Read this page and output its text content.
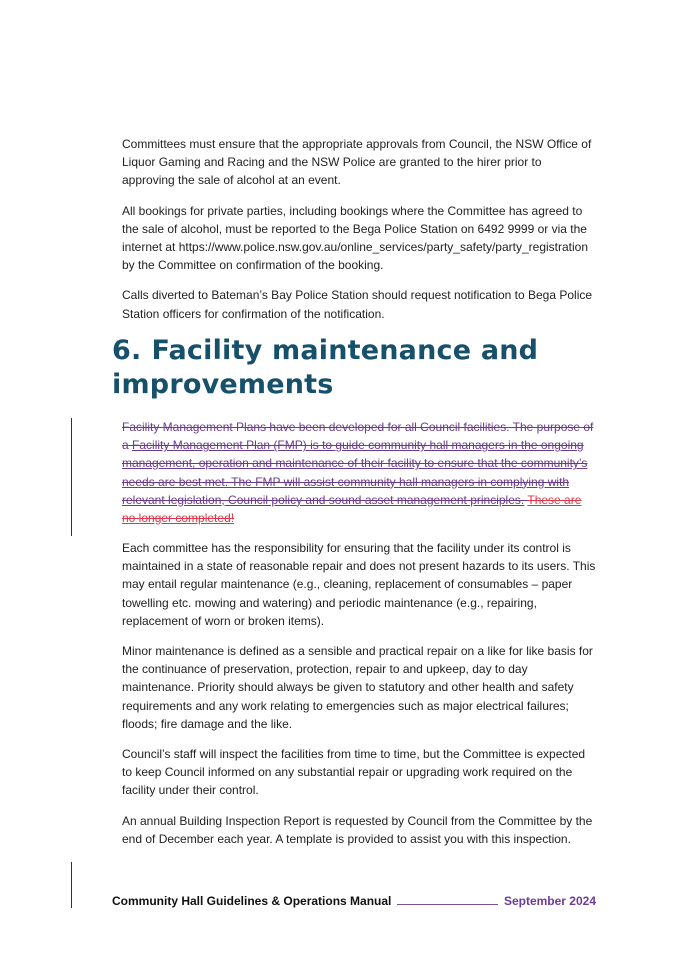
Committees must ensure that the appropriate approvals from Council, the NSW Office of Liquor Gaming and Racing and the NSW Police are granted to the hirer prior to approving the sale of alcohol at an event.

All bookings for private parties, including bookings where the Committee has agreed to the sale of alcohol, must be reported to the Bega Police Station on 6492 9999 or via the internet at https://www.police.nsw.gov.au/online_services/party_safety/party_registration by the Committee on confirmation of the booking.

Calls diverted to Bateman’s Bay Police Station should request notification to Bega Police Station officers for confirmation of the notification.

6. Facility maintenance and improvements

Facility Management Plans have been developed for all Council facilities. The purpose of a Facility Management Plan (FMP) is to guide community hall managers in the ongoing management, operation and maintenance of their facility to ensure that the community’s needs are best met. The FMP will assist community hall managers in complying with relevant legislation, Council policy and sound asset management principles. These are no longer completed!

Each committee has the responsibility for ensuring that the facility under its control is maintained in a state of reasonable repair and does not present hazards to its users. This may entail regular maintenance (e.g., cleaning, replacement of consumables – paper towelling etc. mowing and watering) and periodic maintenance (e.g., repairing, replacement of worn or broken items).

Minor maintenance is defined as a sensible and practical repair on a like for like basis for the continuance of preservation, protection, repair to and upkeep, day to day maintenance. Priority should always be given to statutory and other health and safety requirements and any work relating to emergencies such as major electrical failures; floods; fire damage and the like.

Council’s staff will inspect the facilities from time to time, but the Committee is expected to keep Council informed on any substantial repair or upgrading work required on the facility under their control.

An annual Building Inspection Report is requested by Council from the Committee by the end of December each year. A template is provided to assist you with this inspection.

Community Hall Guidelines & Operations Manual	September 2024
